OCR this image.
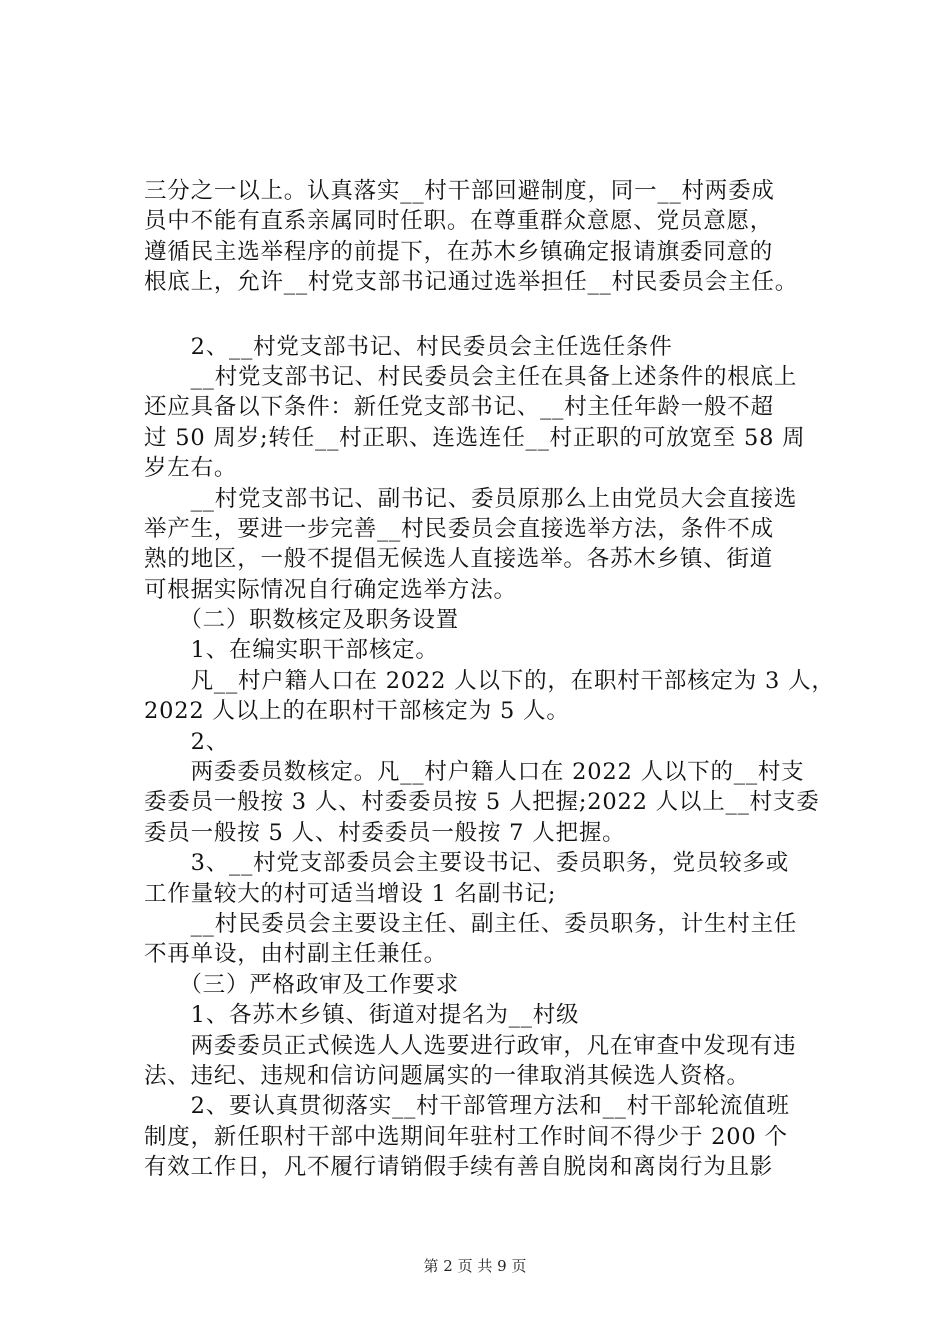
三分之一以上。认真落实__村干部回避制度，同一__村两委成
员中不能有直系亲属同时任职。在尊重群众意愿、党员意愿，
遵循民主选举程序的前提下，在苏木乡镇确定报请旗委同意的
根底上，允许__村党支部书记通过选举担任__村民委员会主任。
　　2、__村党支部书记、村民委员会主任选任条件
　　__村党支部书记、村民委员会主任在具备上述条件的根底上
还应具备以下条件：新任党支部书记、__村主任年龄一般不超
过 50 周岁;转任__村正职、连选连任__村正职的可放宽至 58 周
岁左右。
　　__村党支部书记、副书记、委员原那么上由党员大会直接选
举产生，要进一步完善__村民委员会直接选举方法，条件不成
熟的地区，一般不提倡无候选人直接选举。各苏木乡镇、街道
可根据实际情况自行确定选举方法。
　　（二）职数核定及职务设置
　　1、在编实职干部核定。
　　凡__村户籍人口在 2022 人以下的，在职村干部核定为 3 人，
2022 人以上的在职村干部核定为 5 人。
　　2、
　　两委委员数核定。凡__村户籍人口在 2022 人以下的__村支
委委员一般按 3 人、村委委员按 5 人把握;2022 人以上__村支委
委员一般按 5 人、村委委员一般按 7 人把握。
　　3、__村党支部委员会主要设书记、委员职务，党员较多或
工作量较大的村可适当增设 1 名副书记;
　　__村民委员会主要设主任、副主任、委员职务，计生村主任
不再单设，由村副主任兼任。
　　（三）严格政审及工作要求
　　1、各苏木乡镇、街道对提名为__村级
　　两委委员正式候选人人选要进行政审，凡在审查中发现有违
法、违纪、违规和信访问题属实的一律取消其候选人资格。
　　2、要认真贯彻落实__村干部管理方法和__村干部轮流值班
制度，新任职村干部中选期间年驻村工作时间不得少于 200 个
有效工作日，凡不履行请销假手续有善自脱岗和离岗行为且影
第 2 页 共 9 页
